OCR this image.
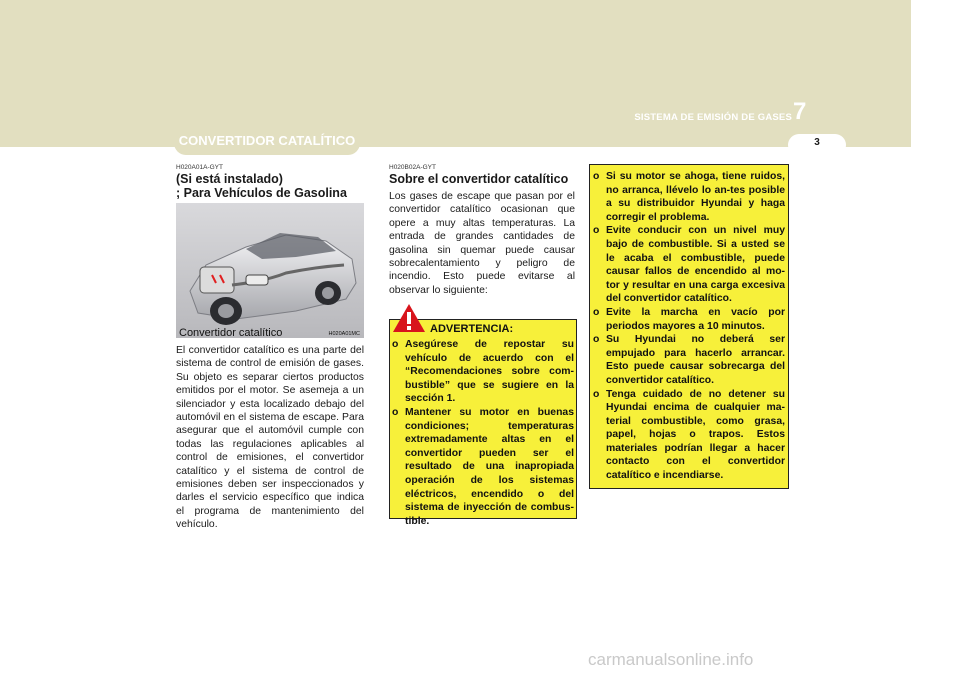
SISTEMA DE EMISIÓN DE GASES 7
3
CONVERTIDOR CATALÍTICO
H020A01A-GYT
(Si está instalado)
; Para Vehículos de Gasolina
El convertidor catalítico es una parte del sistema de control de emisión de gases. Su objeto es separar ciertos productos emitidos por el motor. Se asemeja a un silenciador y esta localizado debajo del automóvil en el sistema de escape. Para asegurar que el automóvil cumple con todas las regulaciones aplicables al control de emisiones, el convertidor catalítico y el sistema de control de emisiones deben ser inspeccionados y darles el servicio específico que indica el programa de mantenimiento del vehículo.
Convertidor catalítico	H020A01MC
H020B02A-GYT
Sobre el convertidor catalítico
Los gases de escape que pasan por el convertidor catalítico ocasionan que opere a muy altas temperaturas. La entrada de grandes cantidades de gasolina sin quemar puede causar sobrecalentamiento y peligro de incendio. Esto puede evitarse al observar lo siguiente:
ADVERTENCIA:
o Asegúrese de repostar su vehículo de acuerdo con el “Recomendaciones sobre com-bustible” que se sugiere en la sección 1.
o Mantener su motor en buenas condiciones; temperaturas extremadamente altas en el convertidor pueden ser el resultado de una inapropiada operación de los sistemas eléctricos, encendido o del sistema de inyección de combus-tible.
o Si su motor se ahoga, tiene ruidos, no arranca, llévelo lo an-tes posible a su distribuidor Hyundai y haga corregir el problema.
o Evite conducir con un nivel muy bajo de combustible. Si a usted se le acaba el combustible, puede causar fallos de encendido al mo-tor y resultar en una carga excesiva del convertidor catalítico.
o Evite la marcha en vacío por periodos mayores a 10 minutos.
o Su Hyundai no deberá ser empujado para hacerlo arrancar. Esto puede causar sobrecarga del convertidor catalítico.
o Tenga cuidado de no detener su Hyundai encima de cualquier ma-terial combustible, como grasa, papel, hojas o trapos. Estos materiales podrían llegar a hacer contacto con el convertidor catalítico e incendiarse.
carmanualsonline.info
